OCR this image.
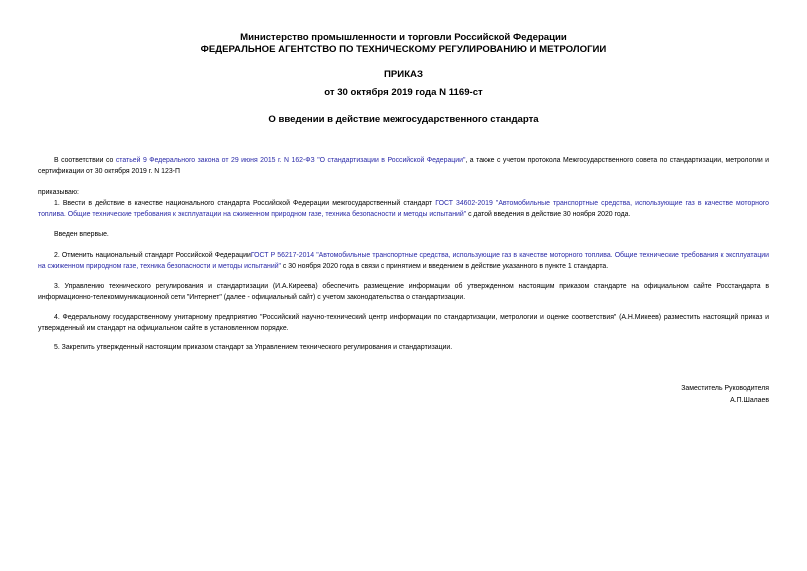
Министерство промышленности и торговли Российской Федерации
ФЕДЕРАЛЬНОЕ АГЕНТСТВО ПО ТЕХНИЧЕСКОМУ РЕГУЛИРОВАНИЮ И МЕТРОЛОГИИ
ПРИКАЗ
от 30 октября 2019 года N 1169-ст
О введении в действие межгосударственного стандарта

В соответствии со статьей 9 Федерального закона от 29 июня 2015 г. N 162-ФЗ "О стандартизации в Российской Федерации", а также с учетом протокола Межгосударственного совета по стандартизации, метрологии и сертификации от 30 октября 2019 г. N 123-П

приказываю:

1. Ввести в действие в качестве национального стандарта Российской Федерации межгосударственный стандарт ГОСТ 34602-2019 "Автомобильные транспортные средства, использующие газ в качестве моторного топлива. Общие технические требования к эксплуатации на сжиженном природном газе, техника безопасности и методы испытаний" с датой введения в действие 30 ноября 2020 года.

Введен впервые.

2. Отменить национальный стандарт Российской ФедерацииГОСТ Р 56217-2014 "Автомобильные транспортные средства, использующие газ в качестве моторного топлива. Общие технические требования к эксплуатации на сжиженном природном газе, техника безопасности и методы испытаний" с 30 ноября 2020 года в связи с принятием и введением в действие указанного в пункте 1 стандарта.

3. Управлению технического регулирования и стандартизации (И.А.Киреева) обеспечить размещение информации об утвержденном настоящим приказом стандарте на официальном сайте Росстандарта в информационно-телекоммуникационной сети "Интернет" (далее - официальный сайт) с учетом законодательства о стандартизации.

4. Федеральному государственному унитарному предприятию "Российский научно-технический центр информации по стандартизации, метрологии и оценке соответствия" (А.Н.Микеев) разместить настоящий приказ и утвержденный им стандарт на официальном сайте в установленном порядке.

5. Закрепить утвержденный настоящим приказом стандарт за Управлением технического регулирования и стандартизации.

Заместитель Руководителя
А.П.Шалаев
